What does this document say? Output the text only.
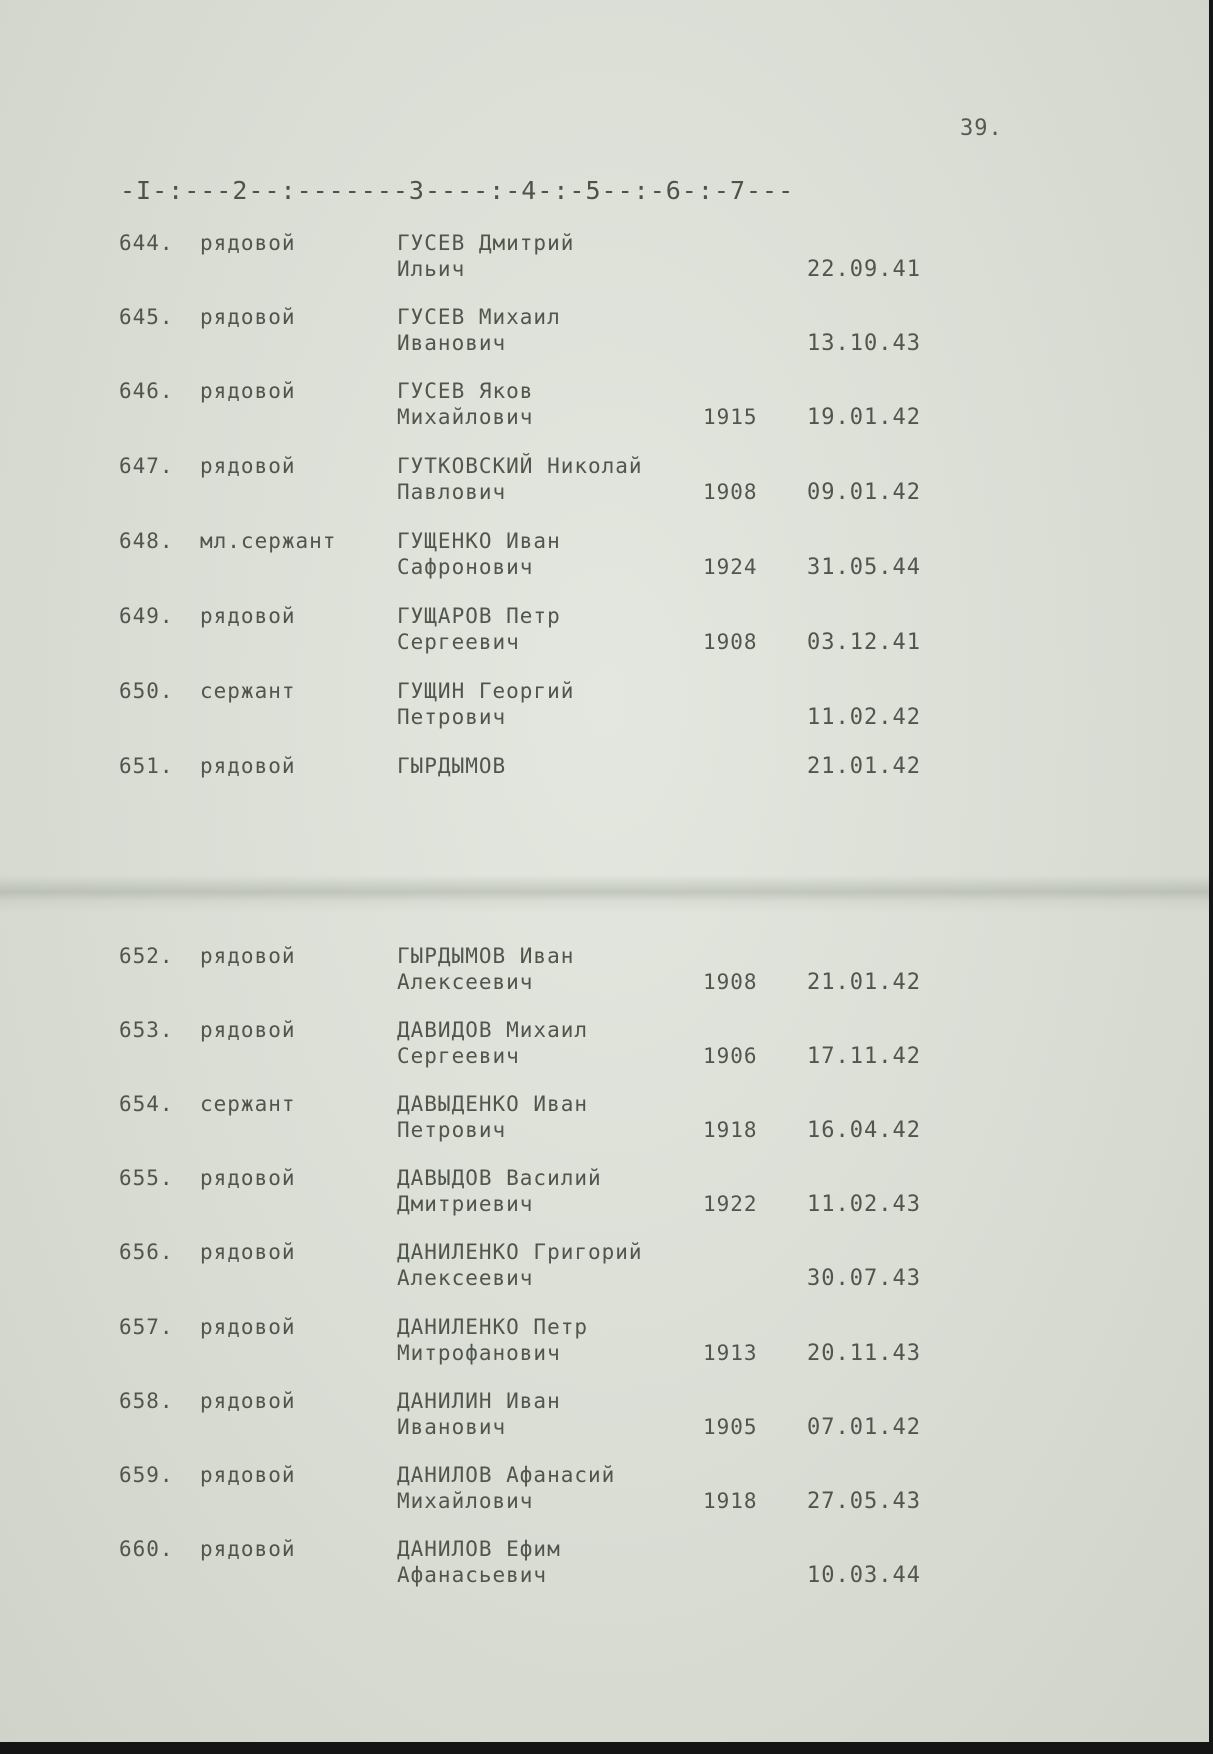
39.
-I-:---2--:-------3----:-4-:-5--:-6-:-7---
644. рядовой	ГУСЕВ Дмитрий
Ильич	22.09.41
645. рядовой	ГУСЕВ Михаил
Иванович	13.10.43
646. рядовой	ГУСЕВ Яков
Михайлович	1915 19.01.42
647. рядовой	ГУТКОВСКИЙ Николай
Павлович	1908 09.01.42
648. мл.сержант	ГУЩЕНКО Иван
Сафронович	1924 31.05.44
649. рядовой	ГУЩАРОВ Петр
Сергеевич	1908 03.12.41
650. сержант	ГУЩИН Георгий
Петрович	11.02.42
651. рядовой	ГЫРДЫМОВ	21.01.42
652. рядовой	ГЫРДЫМОВ Иван
Алексеевич	1908 21.01.42
653. рядовой	ДАВИДОВ Михаил
Сергеевич	1906 17.11.42
654. сержант	ДАВЫДЕНКО Иван
Петрович	1918 16.04.42
655. рядовой	ДАВЫДОВ Василий
Дмитриевич	1922 11.02.43
656. рядовой	ДАНИЛЕНКО Григорий
Алексеевич	30.07.43
657. рядовой	ДАНИЛЕНКО Петр
Митрофанович	1913 20.11.43
658. рядовой	ДАНИЛИН Иван
Иванович	1905 07.01.42
659. рядовой	ДАНИЛОВ Афанасий
Михайлович	1918 27.05.43
660. рядовой	ДАНИЛОВ Ефим
Афанасьевич	10.03.44
